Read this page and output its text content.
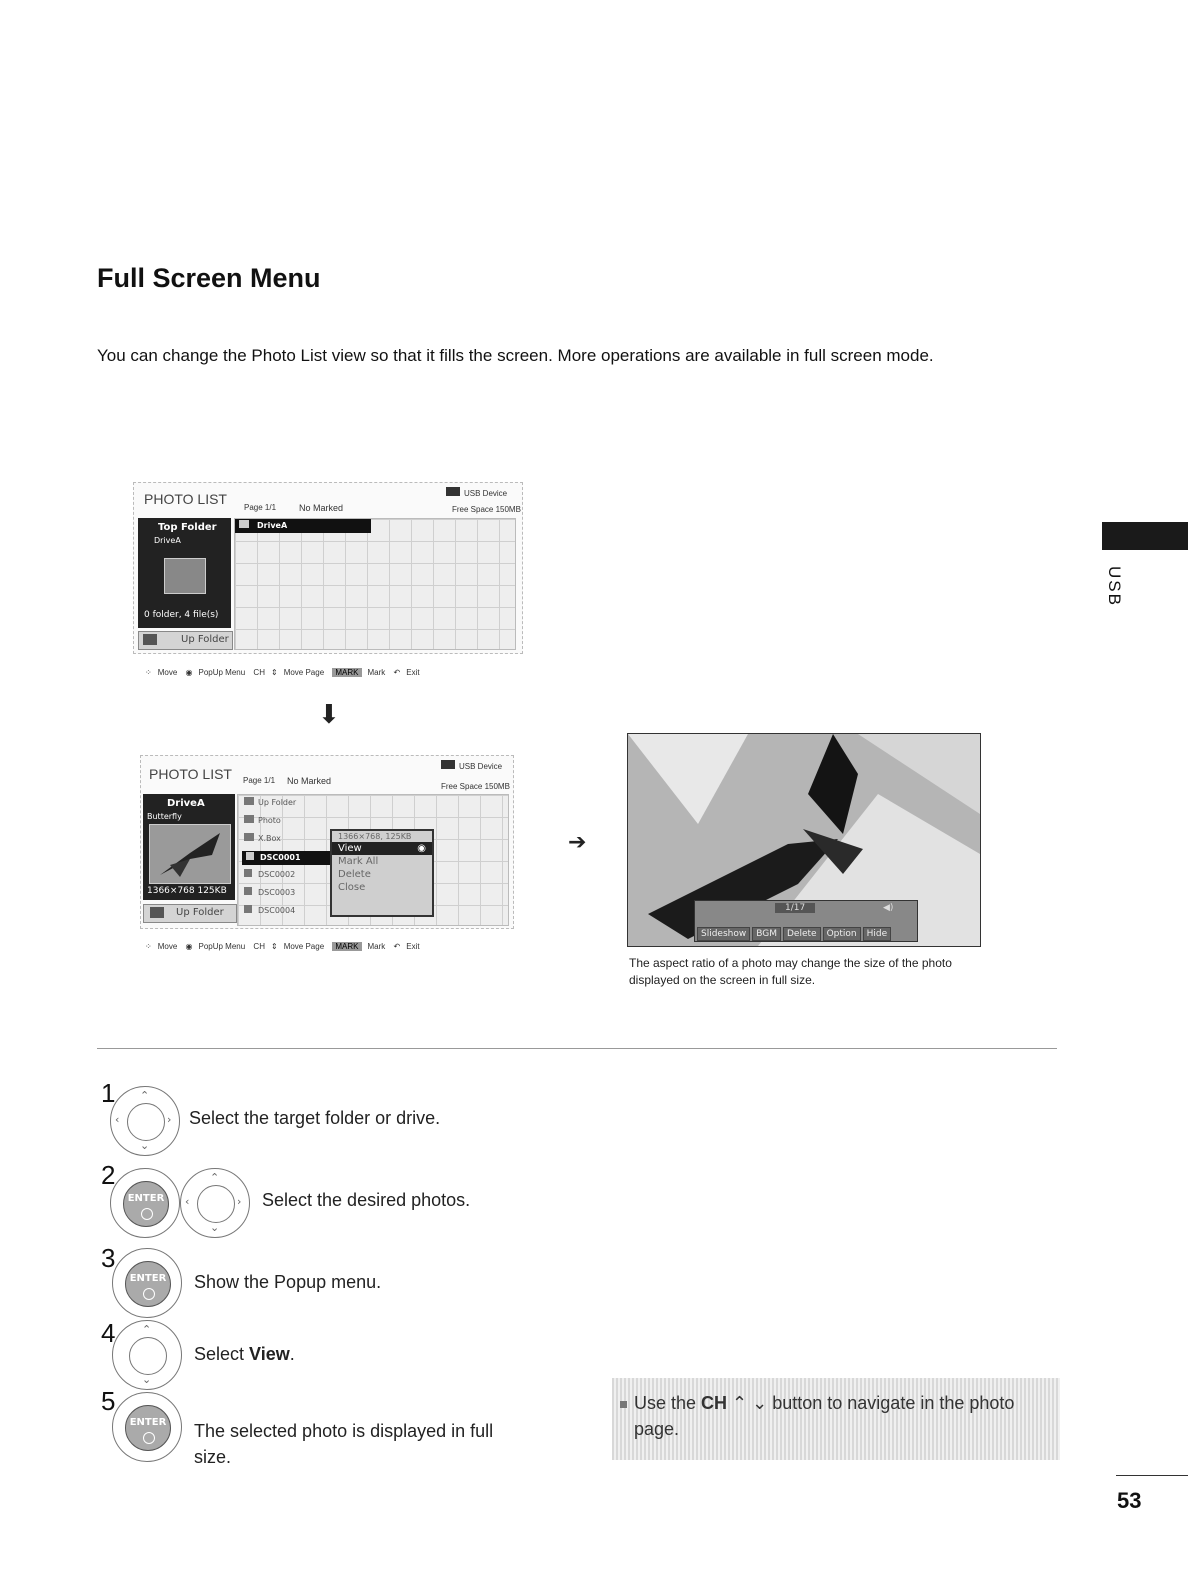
Full Screen Menu
You can change the Photo List view so that it fills the screen. More operations are available in full screen mode.
USB
PHOTO LIST
Page 1/1	No Marked
USB Device
Free Space 150MB
Top Folder
DriveA
0 folder, 4 file(s)
Up Folder
DriveA
⁘ Move ◉ PopUp Menu CH ⇕ Move Page MARK Mark ↶ Exit
⬇
PHOTO LIST Page 1/1 No Marked
USB Device
Free Space 150MB
DriveA
Butterfly
1366×768 125KB
Up Folder
Up Folder
Photo
X.Box
DSC0001
DSC0002
DSC0003
DSC0004
1366×768, 125KB
View	◉
Mark All
Delete
Close
⁘ Move ◉ PopUp Menu CH ⇕ Move Page MARK Mark ↶ Exit
➔
1/17	◀)
Slideshow BGM Delete Option Hide
The aspect ratio of a photo may change the size of the photo displayed on the screen in full size.
1 ⌃
⌄
‹	› Select the target folder or drive.
2
ENTER
⌃
⌄
‹	› Select the desired photos.
3
ENTER Show the Popup menu.
4 ⌃
⌄
Select View.
5
ENTER The selected photo is displayed in full size.
Use the CH ⌃ ⌄ button to navigate in the photo page.
53
